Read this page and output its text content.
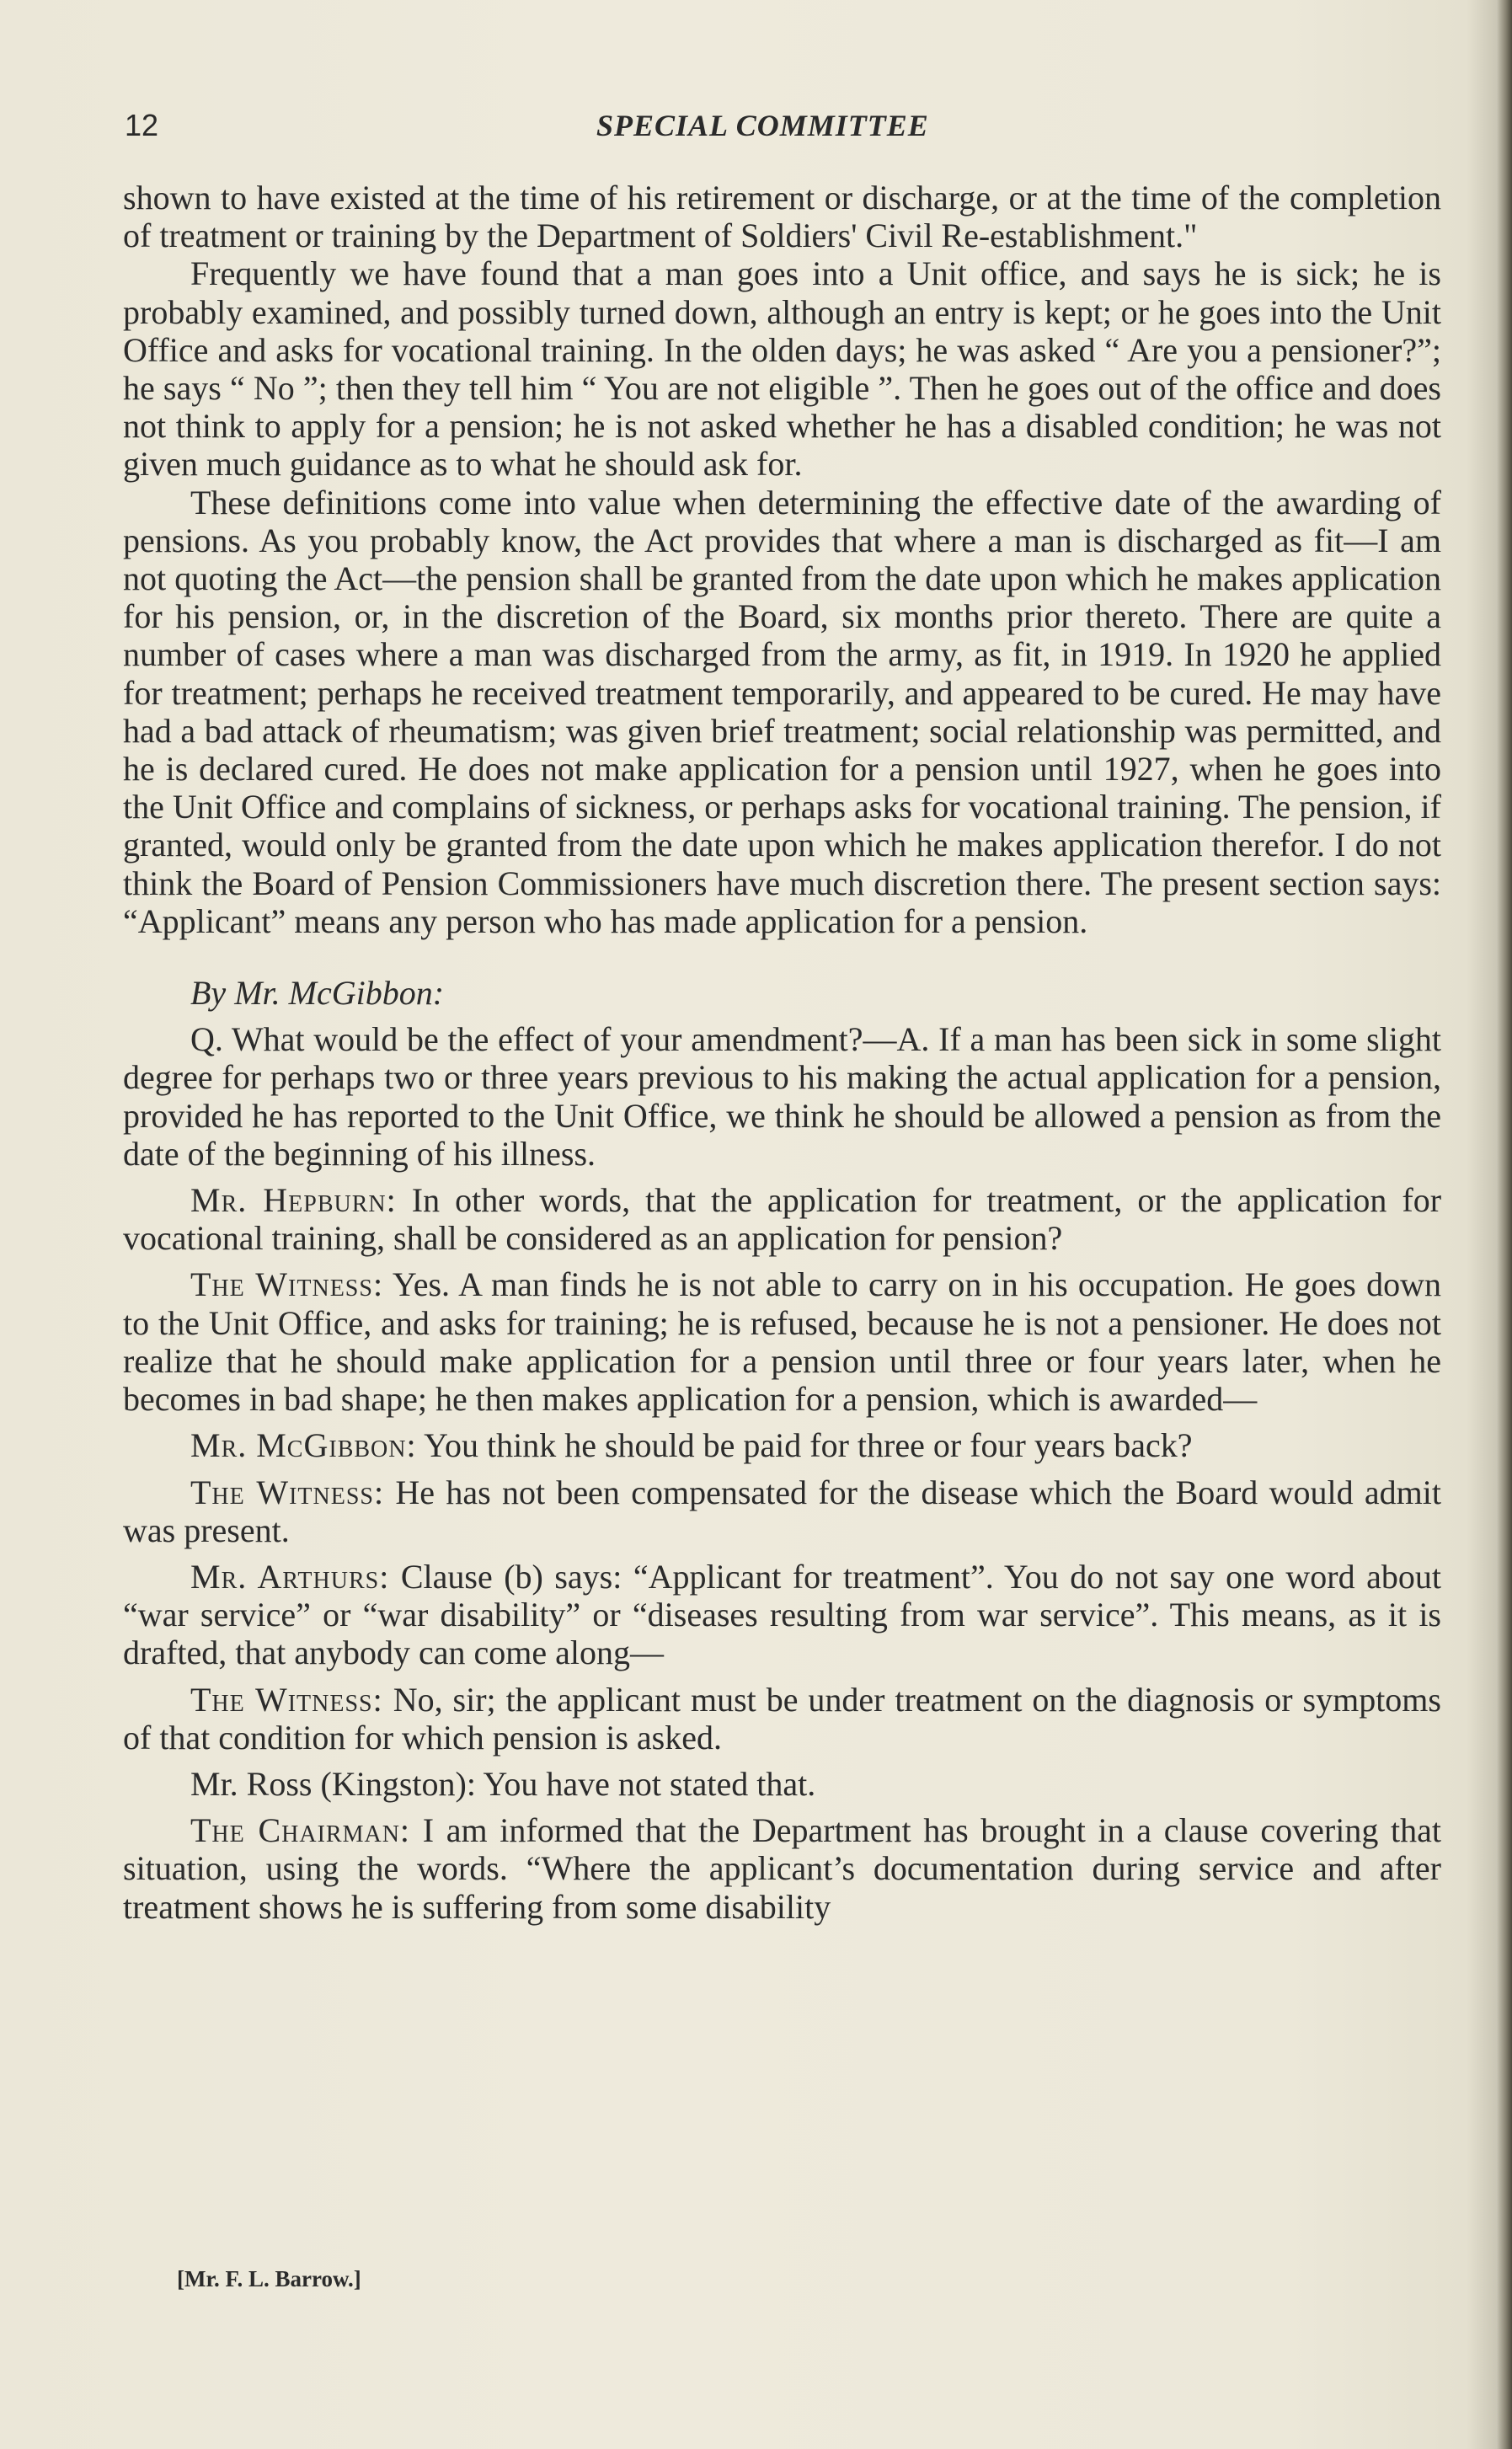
12	SPECIAL COMMITTEE

shown to have existed at the time of his retirement or discharge, or at the time of the completion of treatment or training by the Department of Soldiers' Civil Re-establishment."

Frequently we have found that a man goes into a Unit office, and says he is sick; he is probably examined, and possibly turned down, although an entry is kept; or he goes into the Unit Office and asks for vocational training. In the olden days; he was asked “ Are you a pensioner?”; he says “ No ”; then they tell him “ You are not eligible ”. Then he goes out of the office and does not think to apply for a pension; he is not asked whether he has a disabled condition; he was not given much guidance as to what he should ask for.

These definitions come into value when determining the effective date of the awarding of pensions. As you probably know, the Act provides that where a man is discharged as fit—I am not quoting the Act—the pension shall be granted from the date upon which he makes application for his pension, or, in the discretion of the Board, six months prior thereto. There are quite a number of cases where a man was discharged from the army, as fit, in 1919. In 1920 he applied for treatment; perhaps he received treatment temporarily, and appeared to be cured. He may have had a bad attack of rheumatism; was given brief treatment; social relationship was permitted, and he is declared cured. He does not make application for a pension until 1927, when he goes into the Unit Office and complains of sickness, or perhaps asks for vocational training. The pension, if granted, would only be granted from the date upon which he makes application therefor. I do not think the Board of Pension Commissioners have much discretion there. The present section says: “Applicant” means any person who has made application for a pension.

By Mr. McGibbon:

Q. What would be the effect of your amendment?—A. If a man has been sick in some slight degree for perhaps two or three years previous to his making the actual application for a pension, provided he has reported to the Unit Office, we think he should be allowed a pension as from the date of the beginning of his illness.

Mr. Hepburn: In other words, that the application for treatment, or the application for vocational training, shall be considered as an application for pension?

The Witness: Yes. A man finds he is not able to carry on in his occupation. He goes down to the Unit Office, and asks for training; he is refused, because he is not a pensioner. He does not realize that he should make application for a pension until three or four years later, when he becomes in bad shape; he then makes application for a pension, which is awarded—

Mr. McGibbon: You think he should be paid for three or four years back?

The Witness: He has not been compensated for the disease which the Board would admit was present.

Mr. Arthurs: Clause (b) says: “Applicant for treatment”. You do not say one word about “war service” or “war disability” or “diseases resulting from war service”. This means, as it is drafted, that anybody can come along—

The Witness: No, sir; the applicant must be under treatment on the diagnosis or symptoms of that condition for which pension is asked.

Mr. Ross (Kingston): You have not stated that.

The Chairman: I am informed that the Department has brought in a clause covering that situation, using the words. “Where the applicant’s documentation during service and after treatment shows he is suffering from some disability

[Mr. F. L. Barrow.]
